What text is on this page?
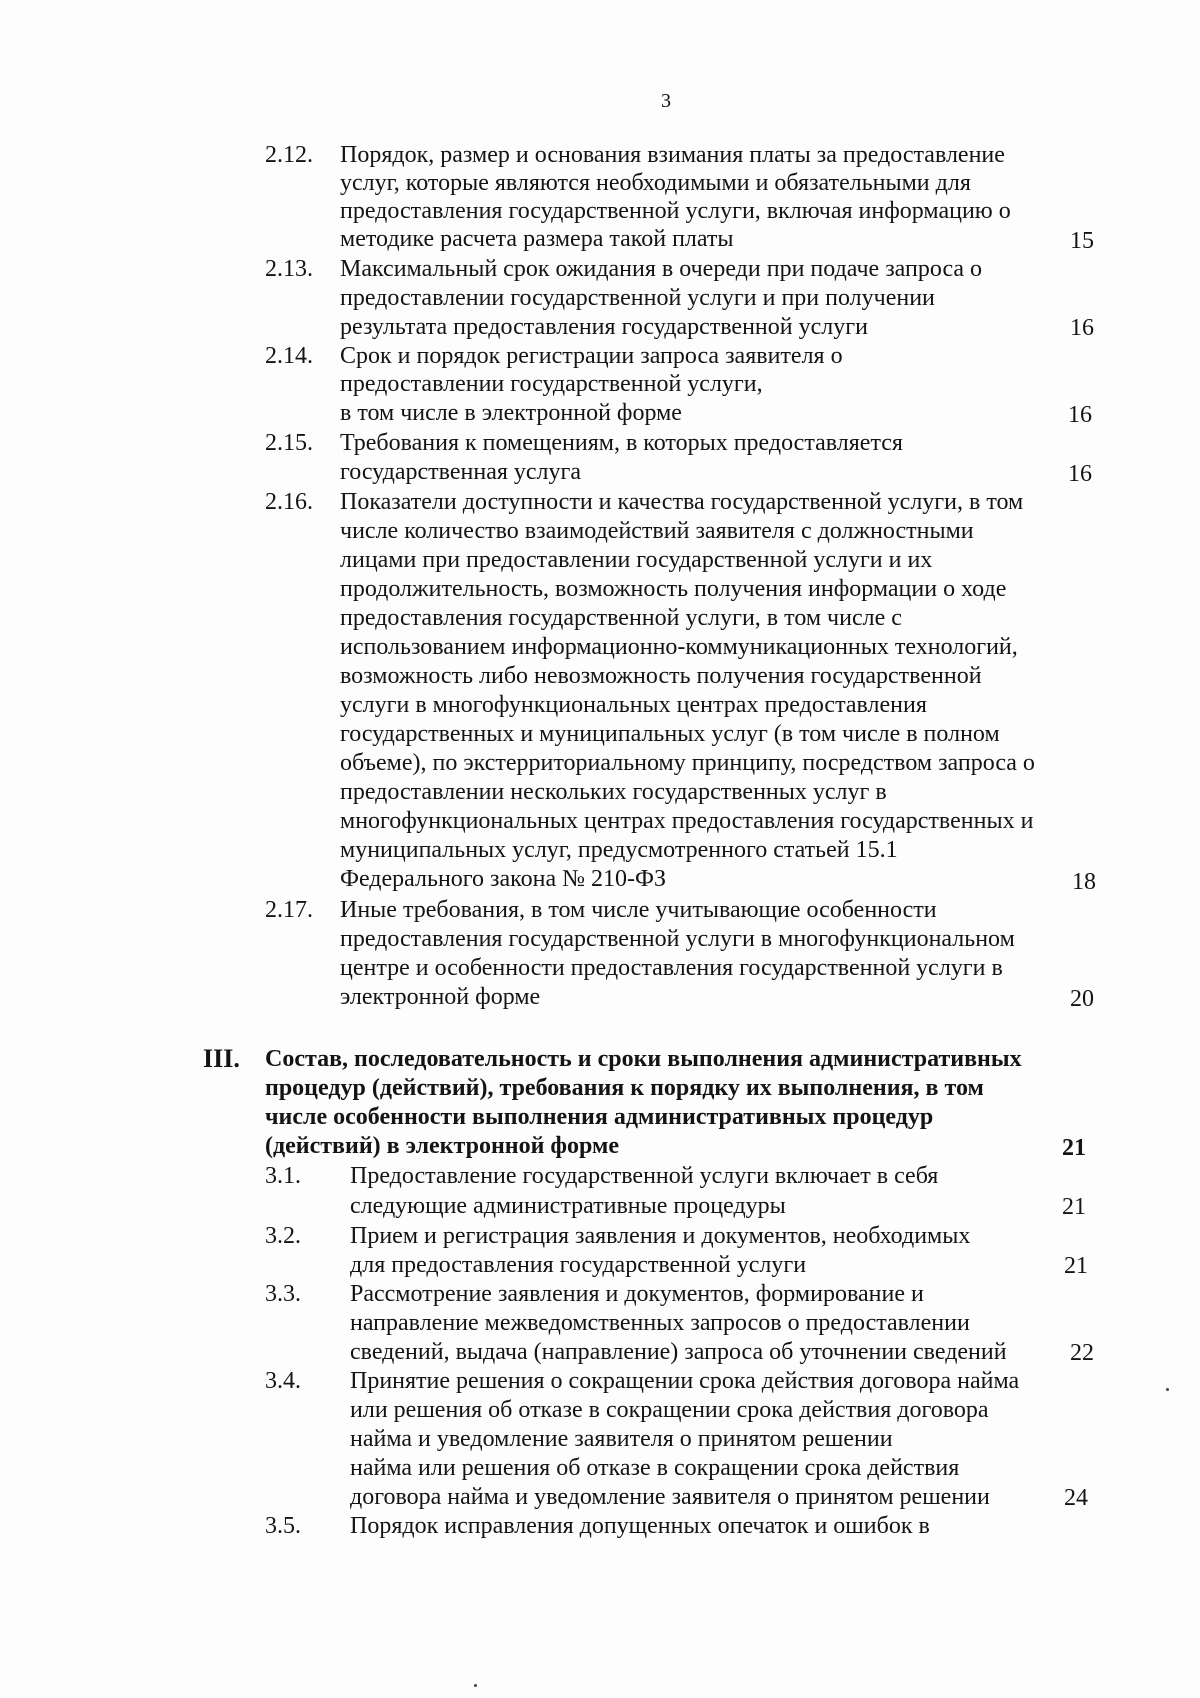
3
2.12. Порядок, размер и основания взимания платы за предоставление
услуг, которые являются необходимыми и обязательными для
предоставления государственной услуги, включая информацию о
методике расчета размера такой платы	15
2.13. Максимальный срок ожидания в очереди при подаче запроса о
предоставлении государственной услуги и при получении
результата предоставления государственной услуги	16
2.14. Срок и порядок регистрации запроса заявителя о
предоставлении государственной услуги,
в том числе в электронной форме	16
2.15. Требования к помещениям, в которых предоставляется
государственная услуга	16
2.16. Показатели доступности и качества государственной услуги, в том
числе количество взаимодействий заявителя с должностными
лицами при предоставлении государственной услуги и их
продолжительность, возможность получения информации о ходе
предоставления государственной услуги, в том числе с
использованием информационно-коммуникационных технологий,
возможность либо невозможность получения государственной
услуги в многофункциональных центрах предоставления
государственных и муниципальных услуг (в том числе в полном
объеме), по экстерриториальному принципу, посредством запроса о
предоставлении нескольких государственных услуг в
многофункциональных центрах предоставления государственных и
муниципальных услуг, предусмотренного статьей 15.1
Федерального закона № 210-ФЗ	18
2.17. Иные требования, в том числе учитывающие особенности
предоставления государственной услуги в многофункциональном
центре и особенности предоставления государственной услуги в
электронной форме	20
III. Состав, последовательность и сроки выполнения административных
процедур (действий), требования к порядку их выполнения, в том
числе особенности выполнения административных процедур
(действий) в электронной форме	21
3.1. Предоставление государственной услуги включает в себя
следующие административные процедуры	21
3.2. Прием и регистрация заявления и документов, необходимых
для предоставления государственной услуги	21
3.3. Рассмотрение заявления и документов, формирование и
направление межведомственных запросов о предоставлении
сведений, выдача (направление) запроса об уточнении сведений	22
3.4. Принятие решения о сокращении срока действия договора найма
или решения об отказе в сокращении срока действия договора
найма и уведомление заявителя о принятом решении
найма или решения об отказе в сокращении срока действия
договора найма и уведомление заявителя о принятом решении	24
3.5. Порядок исправления допущенных опечаток и ошибок в
